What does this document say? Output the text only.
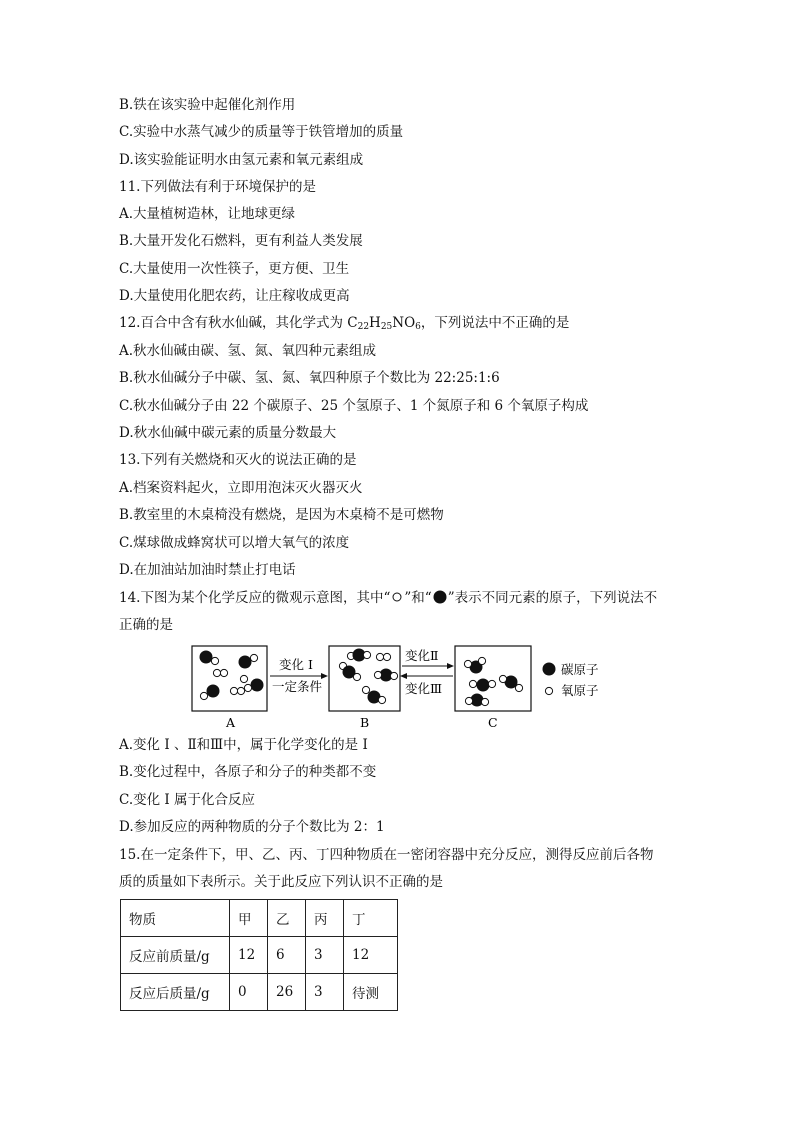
B.铁在该实验中起催化剂作用
C.实验中水蒸气减少的质量等于铁管增加的质量
D.该实验能证明水由氢元素和氧元素组成
11.下列做法有利于环境保护的是
A.大量植树造林，让地球更绿
B.大量开发化石燃料，更有利益人类发展
C.大量使用一次性筷子，更方便、卫生
D.大量使用化肥农药，让庄稼收成更高
12.百合中含有秋水仙碱，其化学式为 $C_{22}H_{25}NO_6$，下列说法中不正确的是
A.秋水仙碱由碳、氢、氮、氧四种元素组成
B.秋水仙碱分子中碳、氢、氮、氧四种原子个数比为 22:25:1:6
C.秋水仙碱分子由 22 个碳原子、25 个氢原子、1 个氮原子和 6 个氧原子构成
D.秋水仙碱中碳元素的质量分数最大
13.下列有关燃烧和灭火的说法正确的是
A.档案资料起火，立即用泡沫灭火器灭火
B.教室里的木桌椅没有燃烧，是因为木桌椅不是可燃物
C.煤球做成蜂窝状可以增大氧气的浓度
D.在加油站加油时禁止打电话
14.下图为某个化学反应的微观示意图，其中“ ”和“ ”表示不同元素的原子，下列说法不
正确的是
变化 Ⅰ
一定条件
变化Ⅱ
变化Ⅲ
A	B	C
碳原子
氧原子
A.变化 Ⅰ 、Ⅱ和Ⅲ中，属于化学变化的是 Ⅰ
B.变化过程中，各原子和分子的种类都不变
C.变化 Ⅰ 属于化合反应
D.参加反应的两种物质的分子个数比为 2：1
15.在一定条件下，甲、乙、丙、丁四种物质在一密闭容器中充分反应，测得反应前后各物
质的质量如下表所示。关于此反应下列认识不正确的是
物质	甲	乙	丙	丁
反应前质量/g	12	6	3	12
反应后质量/g	0	26	3	待测
